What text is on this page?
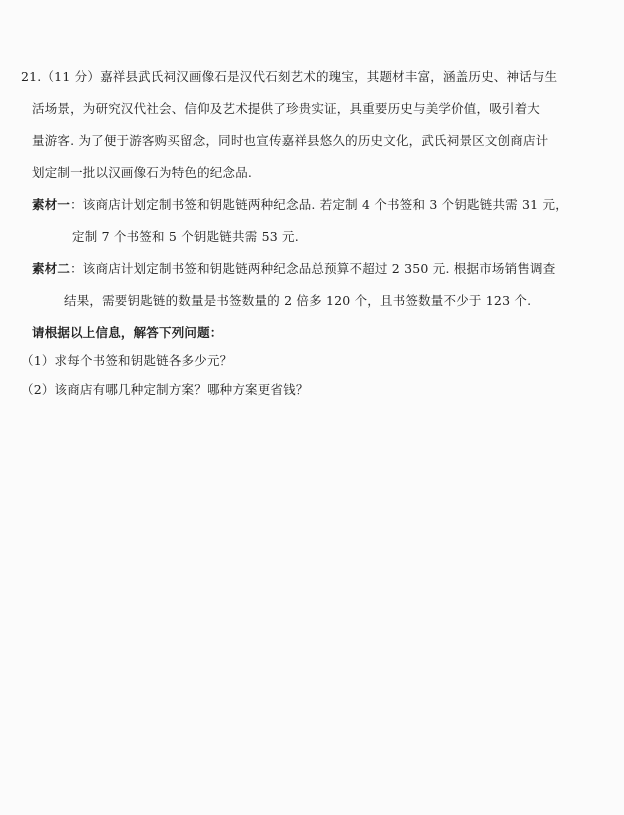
21.（11 分）嘉祥县武氏祠汉画像石是汉代石刻艺术的瑰宝，其题材丰富，涵盖历史、神话与生
活场景，为研究汉代社会、信仰及艺术提供了珍贵实证，具重要历史与美学价值，吸引着大
量游客. 为了便于游客购买留念，同时也宣传嘉祥县悠久的历史文化，武氏祠景区文创商店计
划定制一批以汉画像石为特色的纪念品.
素材一：该商店计划定制书签和钥匙链两种纪念品. 若定制 4 个书签和 3 个钥匙链共需 31 元，
定制 7 个书签和 5 个钥匙链共需 53 元.
素材二：该商店计划定制书签和钥匙链两种纪念品总预算不超过 2 350 元. 根据市场销售调查
结果，需要钥匙链的数量是书签数量的 2 倍多 120 个，且书签数量不少于 123 个.
请根据以上信息，解答下列问题：
（1）求每个书签和钥匙链各多少元？
（2）该商店有哪几种定制方案？哪种方案更省钱？
